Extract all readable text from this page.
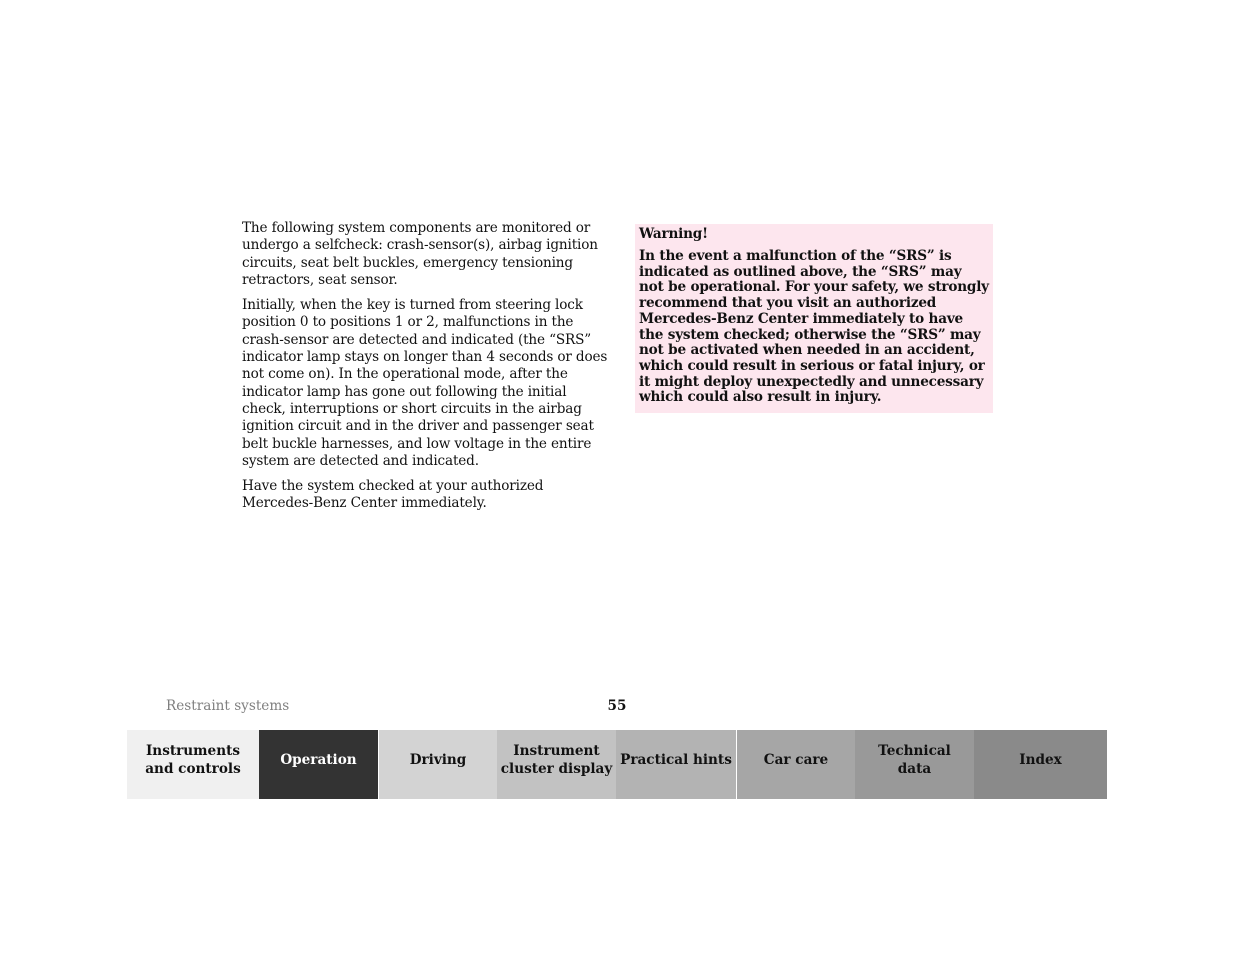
The following system components are monitored or undergo a selfcheck: crash-sensor(s), airbag ignition circuits, seat belt buckles, emergency tensioning retractors, seat sensor.

Initially, when the key is turned from steering lock position 0 to positions 1 or 2, malfunctions in the crash-sensor are detected and indicated (the “SRS” indicator lamp stays on longer than 4 seconds or does not come on). In the operational mode, after the indicator lamp has gone out following the initial check, interruptions or short circuits in the airbag ignition circuit and in the driver and passenger seat belt buckle harnesses, and low voltage in the entire system are detected and indicated.

Have the system checked at your authorized Mercedes-Benz Center immediately.

Warning!

In the event a malfunction of the “SRS” is indicated as outlined above, the “SRS” may not be operational. For your safety, we strongly recommend that you visit an authorized Mercedes-Benz Center immediately to have the system checked; otherwise the “SRS” may not be activated when needed in an accident, which could result in serious or fatal injury, or it might deploy unexpectedly and unnecessary which could also result in injury.

Restraint systems	55
Instruments
and controls
Operation	Driving
Instrument
cluster display
Practical hints	Car care
Technical
data
Index
